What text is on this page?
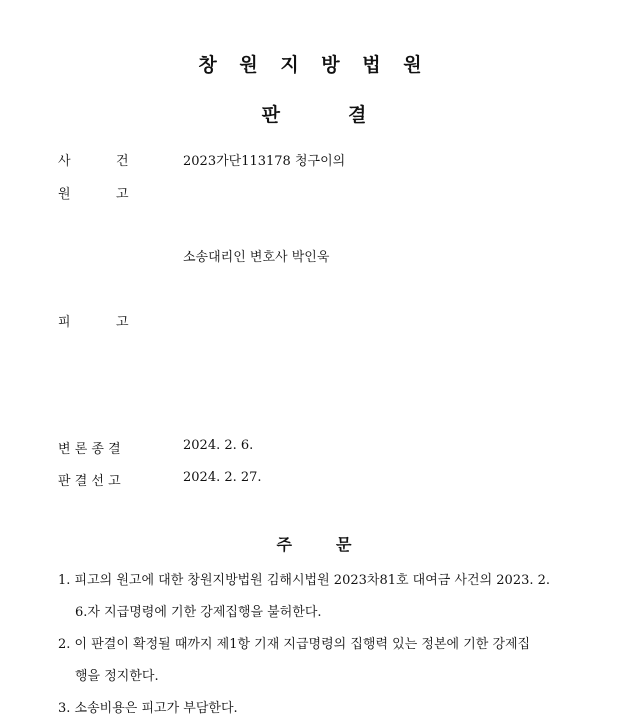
창 원 지 방 법 원
판	결
사	건	2023가단113178 청구이의
원	고
소송대리인 변호사 박인욱
피	고
변 론 종 결	2024. 2. 6.
판 결 선 고	2024. 2. 27.
주	문
1. 피고의 원고에 대한 창원지방법원 김해시법원 2023차81호 대여금 사건의 2023. 2.
6.자 지급명령에 기한 강제집행을 불허한다.
2. 이 판결이 확정될 때까지 제1항 기재 지급명령의 집행력 있는 정본에 기한 강제집
행을 정지한다.
3. 소송비용은 피고가 부담한다.
